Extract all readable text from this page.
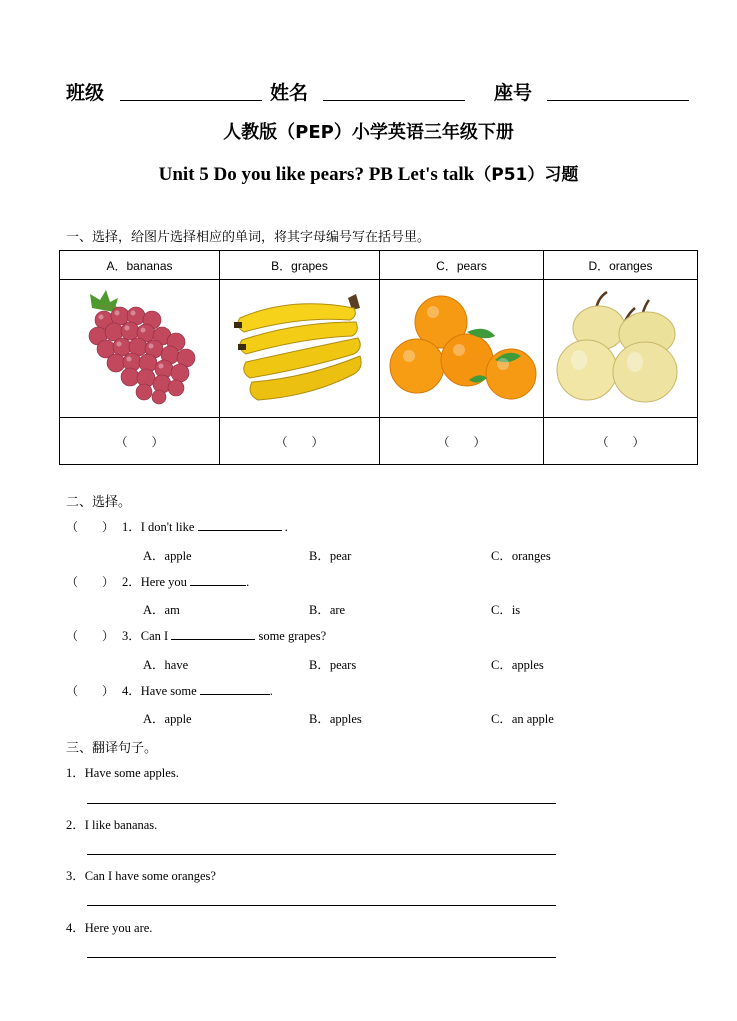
班级	姓名	座号
人教版（PEP）小学英语三年级下册
Unit 5 Do you like pears? PB Let's talk（P51）习题
一、选择，给图片选择相应的单词，将其字母编号写在括号里。
A．bananas	B．grapes	C．pears	D．oranges

（　　）	（　　）	（　　）	（　　）
二、选择。
（　　） 1．I don't like	.
A．apple	B．pear	C．oranges
（　　） 2．Here you	.
A．am	B．are	C．is
（　　） 3．Can I	some grapes?
A．have	B．pears	C．apples
（　　） 4．Have some	.
A．apple	B．apples	C．an apple
三、翻译句子。
1．Have some apples.
2．I like bananas.
3．Can I have some oranges?
4．Here you are.
